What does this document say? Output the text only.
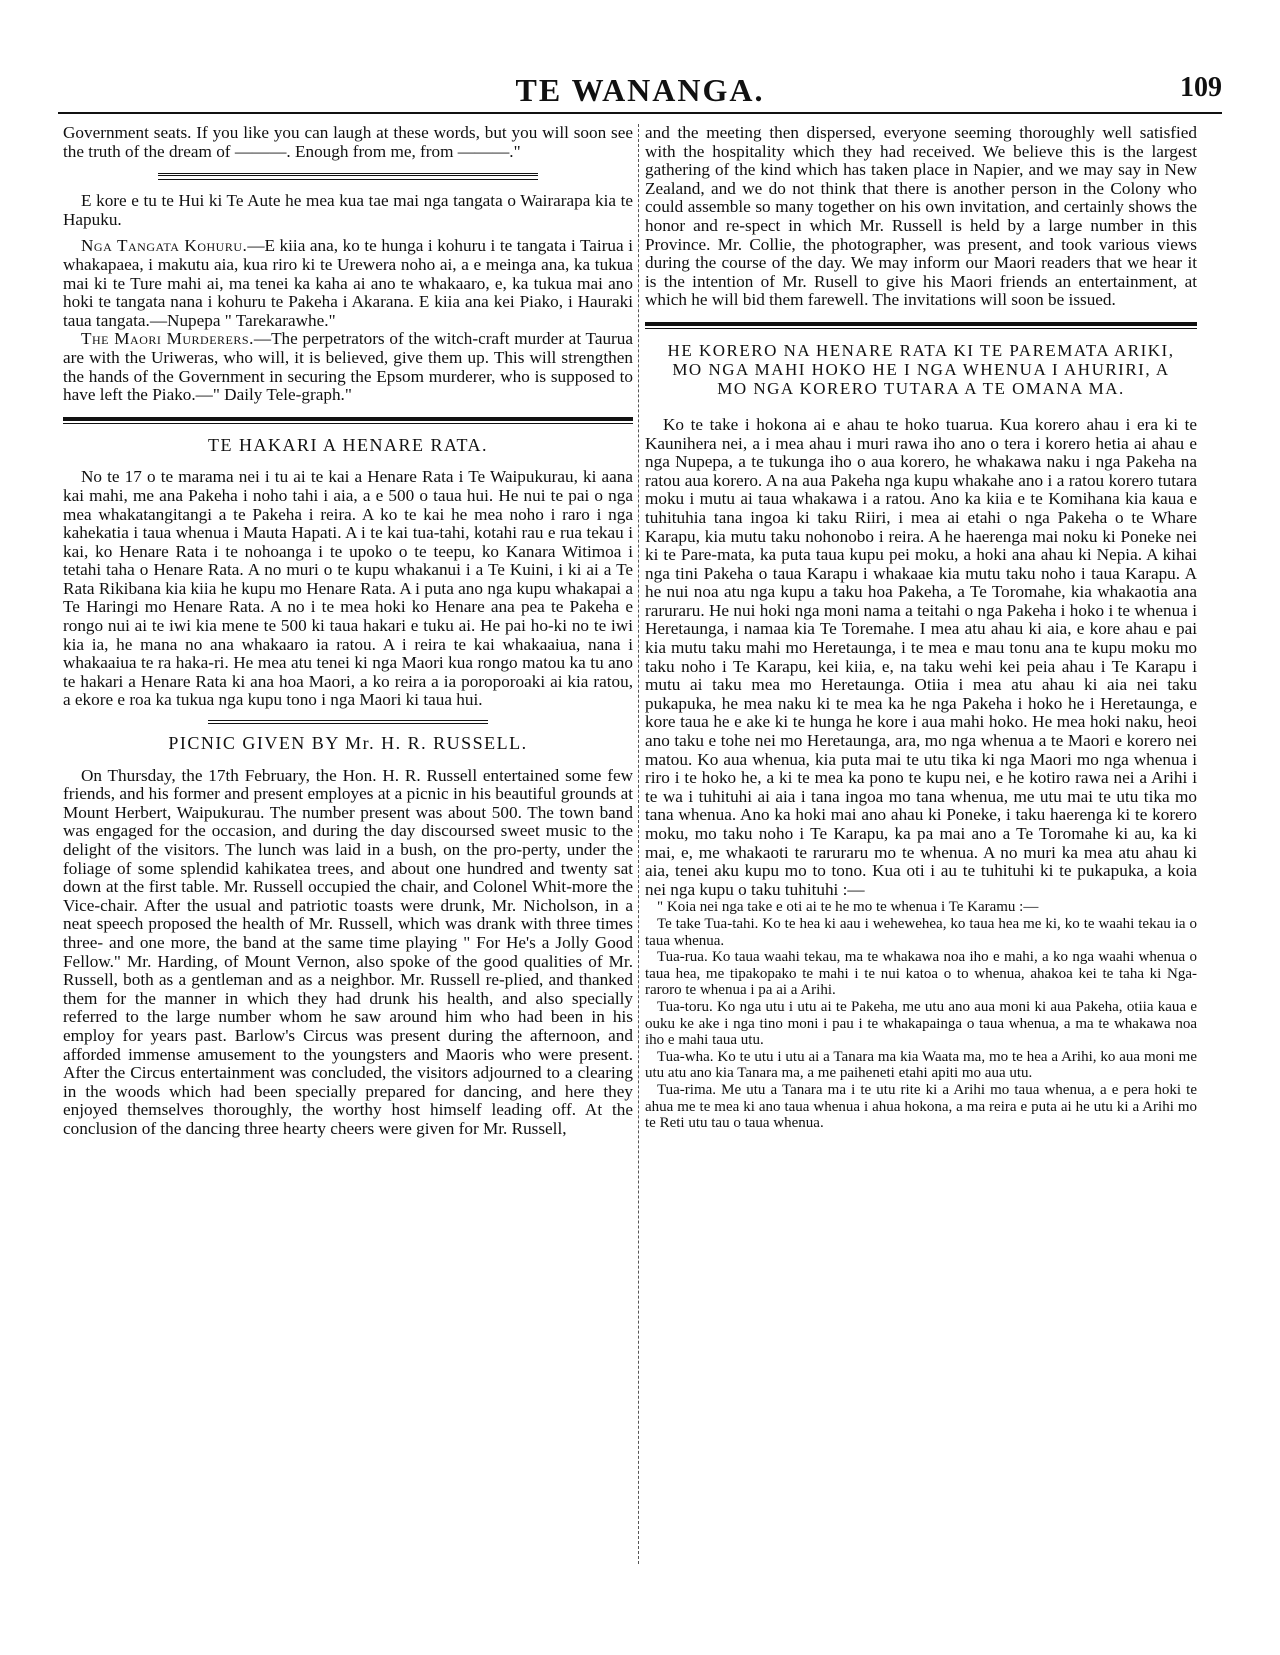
TE WANANGA.	109

Government seats. If you like you can laugh at these words, but you will soon see the truth of the dream of ———. Enough from me, from ———."

E kore e tu te Hui ki Te Aute he mea kua tae mai nga tangata o Wairarapa kia te Hapuku.

Nga Tangata Kohuru.—E kiia ana, ko te hunga i kohuru i te tangata i Tairua i whakapaea, i makutu aia, kua riro ki te Urewera noho ai, a e meinga ana, ka tukua mai ki te Ture mahi ai, ma tenei ka kaha ai ano te whakaaro, e, ka tukua mai ano hoki te tangata nana i kohuru te Pakeha i Akarana. E kiia ana kei Piako, i Hauraki taua tangata.—Nupepa " Tarekarawhe."

The Maori Murderers.—The perpetrators of the witch-craft murder at Taurua are with the Uriweras, who will, it is believed, give them up. This will strengthen the hands of the Government in securing the Epsom murderer, who is supposed to have left the Piako.—" Daily Tele-graph."

TE HAKARI A HENARE RATA.

No te 17 o te marama nei i tu ai te kai a Henare Rata i Te Waipukurau, ki aana kai mahi, me ana Pakeha i noho tahi i aia, a e 500 o taua hui. He nui te pai o nga mea whakatangitangi a te Pakeha i reira. A ko te kai he mea noho i raro i nga kahekatia i taua whenua i Mauta Hapati. A i te kai tua-tahi, kotahi rau e rua tekau i kai, ko Henare Rata i te nohoanga i te upoko o te teepu, ko Kanara Witimoa i tetahi taha o Henare Rata. A no muri o te kupu whakanui i a Te Kuini, i ki ai a Te Rata Rikibana kia kiia he kupu mo Henare Rata. A i puta ano nga kupu whakapai a Te Haringi mo Henare Rata. A no i te mea hoki ko Henare ana pea te Pakeha e rongo nui ai te iwi kia mene te 500 ki taua hakari e tuku ai. He pai ho-ki no te iwi kia ia, he mana no ana whakaaro ia ratou. A i reira te kai whakaaiua, nana i whakaaiua te ra haka-ri. He mea atu tenei ki nga Maori kua rongo matou ka tu ano te hakari a Henare Rata ki ana hoa Maori, a ko reira a ia poroporoaki ai kia ratou, a ekore e roa ka tukua nga kupu tono i nga Maori ki taua hui.

PICNIC GIVEN BY Mr. H. R. RUSSELL.

On Thursday, the 17th February, the Hon. H. R. Russell entertained some few friends, and his former and present employes at a picnic in his beautiful grounds at Mount Herbert, Waipukurau. The number present was about 500. The town band was engaged for the occasion, and during the day discoursed sweet music to the delight of the visitors. The lunch was laid in a bush, on the pro-perty, under the foliage of some splendid kahikatea trees, and about one hundred and twenty sat down at the first table. Mr. Russell occupied the chair, and Colonel Whit-more the Vice-chair. After the usual and patriotic toasts were drunk, Mr. Nicholson, in a neat speech proposed the health of Mr. Russell, which was drank with three times three- and one more, the band at the same time playing " For He's a Jolly Good Fellow." Mr. Harding, of Mount Vernon, also spoke of the good qualities of Mr. Russell, both as a gentleman and as a neighbor. Mr. Russell re-plied, and thanked them for the manner in which they had drunk his health, and also specially referred to the large number whom he saw around him who had been in his employ for years past. Barlow's Circus was present during the afternoon, and afforded immense amusement to the youngsters and Maoris who were present. After the Circus entertainment was concluded, the visitors adjourned to a clearing in the woods which had been specially prepared for dancing, and here they enjoyed themselves thoroughly, the worthy host himself leading off. At the conclusion of the dancing three hearty cheers were given for Mr. Russell,

and the meeting then dispersed, everyone seeming thoroughly well satisfied with the hospitality which they had received. We believe this is the largest gathering of the kind which has taken place in Napier, and we may say in New Zealand, and we do not think that there is another person in the Colony who could assemble so many together on his own invitation, and certainly shows the honor and re-spect in which Mr. Russell is held by a large number in this Province. Mr. Collie, the photographer, was present, and took various views during the course of the day. We may inform our Maori readers that we hear it is the intention of Mr. Rusell to give his Maori friends an entertainment, at which he will bid them farewell. The invitations will soon be issued.

HE KORERO NA HENARE RATA KI TE PAREMATA ARIKI, MO NGA MAHI HOKO HE I NGA WHENUA I AHURIRI, A MO NGA KORERO TUTARA A TE OMANA MA.

Ko te take i hokona ai e ahau te hoko tuarua. Kua korero ahau i era ki te Kaunihera nei, a i mea ahau i muri rawa iho ano o tera i korero hetia ai ahau e nga Nupepa, a te tukunga iho o aua korero, he whakawa naku i nga Pakeha na ratou aua korero. A na aua Pakeha nga kupu whakahe ano i a ratou korero tutara moku i mutu ai taua whakawa i a ratou. Ano ka kiia e te Komihana kia kaua e tuhituhia tana ingoa ki taku Riiri, i mea ai etahi o nga Pakeha o te Whare Karapu, kia mutu taku nohonobo i reira. A he haerenga mai noku ki Poneke nei ki te Pare-mata, ka puta taua kupu pei moku, a hoki ana ahau ki Nepia. A kihai nga tini Pakeha o taua Karapu i whakaae kia mutu taku noho i taua Karapu. A he nui noa atu nga kupu a taku hoa Pakeha, a Te Toromahe, kia whakaotia ana raruraru. He nui hoki nga moni nama a teitahi o nga Pakeha i hoko i te whenua i Heretaunga, i namaa kia Te Toremahe. I mea atu ahau ki aia, e kore ahau e pai kia mutu taku mahi mo Heretaunga, i te mea e mau tonu ana te kupu moku mo taku noho i Te Karapu, kei kiia, e, na taku wehi kei peia ahau i Te Karapu i mutu ai taku mea mo Heretaunga. Otiia i mea atu ahau ki aia nei taku pukapuka, he mea naku ki te mea ka he nga Pakeha i hoko he i Heretaunga, e kore taua he e ake ki te hunga he kore i aua mahi hoko. He mea hoki naku, heoi ano taku e tohe nei mo Heretaunga, ara, mo nga whenua a te Maori e korero nei matou. Ko aua whenua, kia puta mai te utu tika ki nga Maori mo nga whenua i riro i te hoko he, a ki te mea ka pono te kupu nei, e he kotiro rawa nei a Arihi i te wa i tuhituhi ai aia i tana ingoa mo tana whenua, me utu mai te utu tika mo tana whenua. Ano ka hoki mai ano ahau ki Poneke, i taku haerenga ki te korero moku, mo taku noho i Te Karapu, ka pa mai ano a Te Toromahe ki au, ka ki mai, e, me whakaoti te raruraru mo te whenua. A no muri ka mea atu ahau ki aia, tenei aku kupu mo to tono. Kua oti i au te tuhituhi ki te pukapuka, a koia nei nga kupu o taku tuhituhi :—

" Koia nei nga take e oti ai te he mo te whenua i Te Karamu :—

Te take Tua-tahi. Ko te hea ki aau i wehewehea, ko taua hea me ki, ko te waahi tekau ia o taua whenua.

Tua-rua. Ko taua waahi tekau, ma te whakawa noa iho e mahi, a ko nga waahi whenua o taua hea, me tipakopako te mahi i te nui katoa o to whenua, ahakoa kei te taha ki Nga-raroro te whenua i pa ai a Arihi.

Tua-toru. Ko nga utu i utu ai te Pakeha, me utu ano aua moni ki aua Pakeha, otiia kaua e ouku ke ake i nga tino moni i pau i te whakapainga o taua whenua, a ma te whakawa noa iho e mahi taua utu.

Tua-wha. Ko te utu i utu ai a Tanara ma kia Waata ma, mo te hea a Arihi, ko aua moni me utu atu ano kia Tanara ma, a me paiheneti etahi apiti mo aua utu.

Tua-rima. Me utu a Tanara ma i te utu rite ki a Arihi mo taua whenua, a e pera hoki te ahua me te mea ki ano taua whenua i ahua hokona, a ma reira e puta ai he utu ki a Arihi mo te Reti utu tau o taua whenua.
